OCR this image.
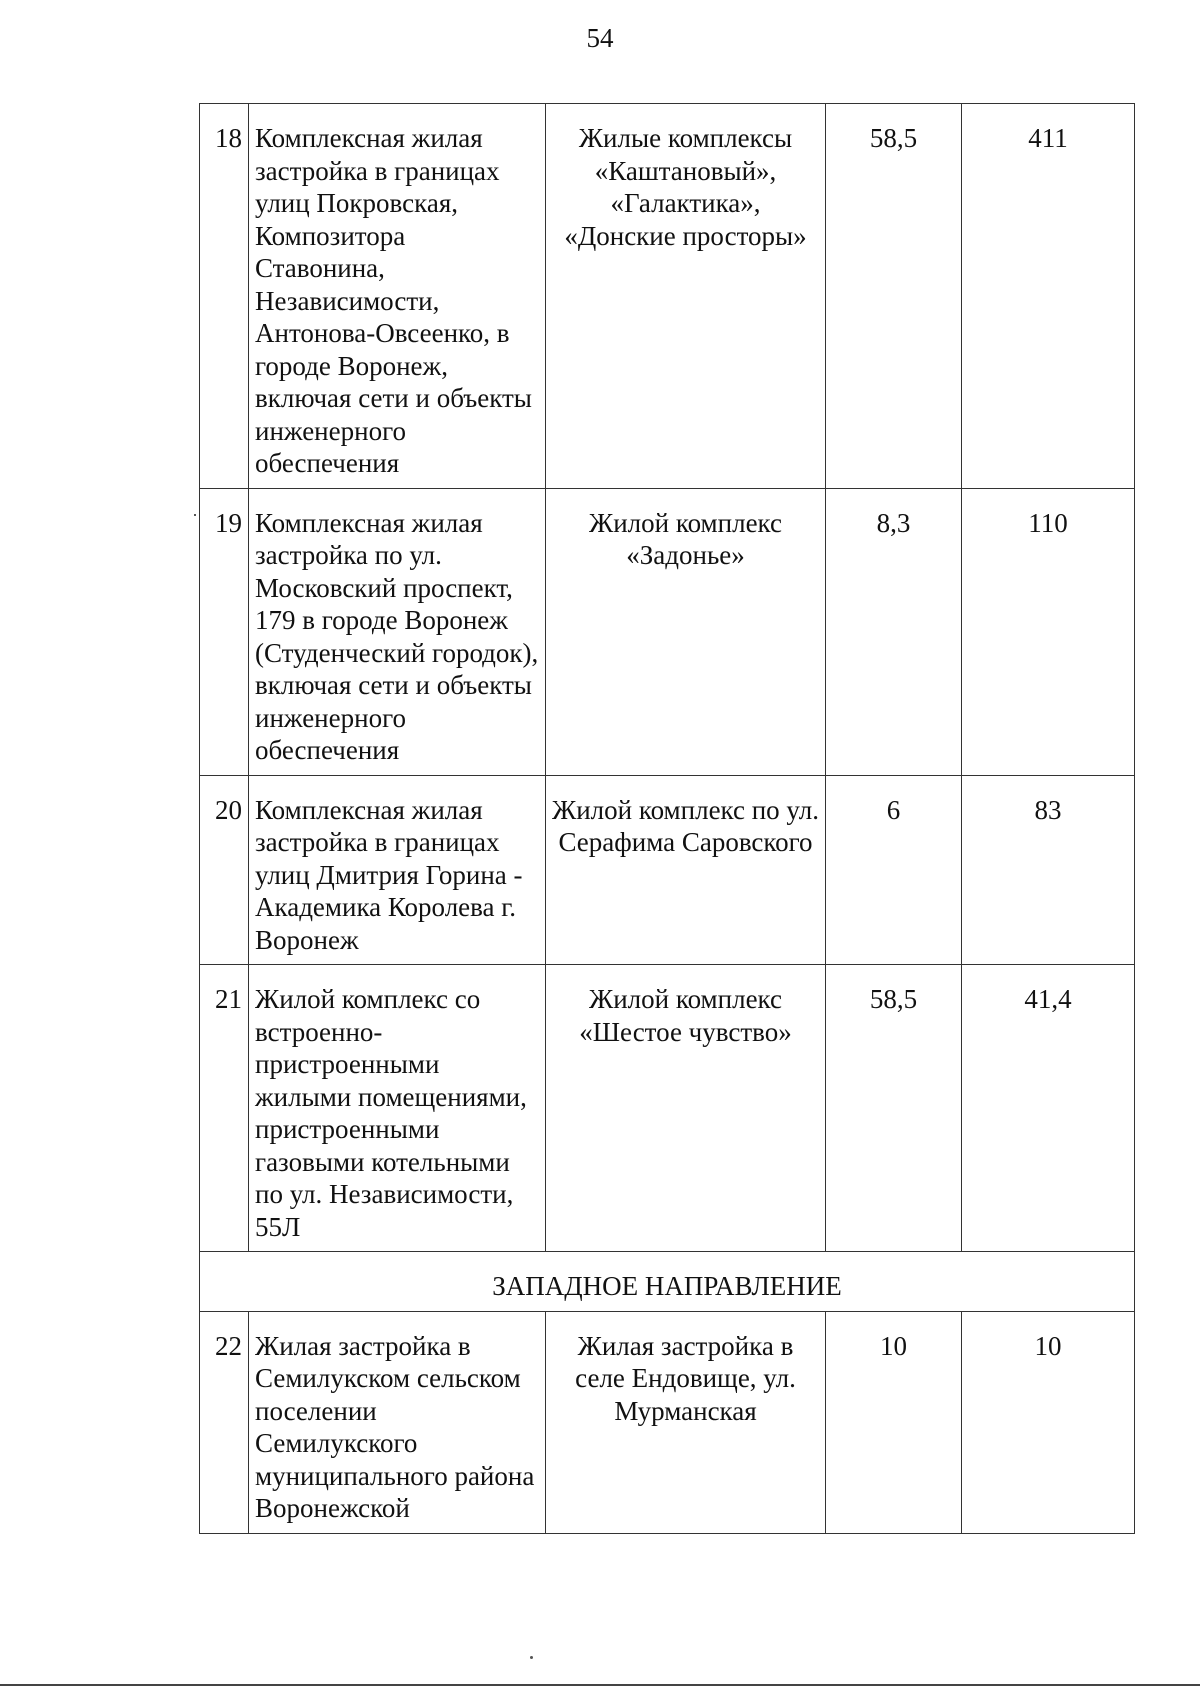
54
18	Комплексная жилая застройка в границах улиц Покровская, Композитора Ставонина, Независимости, Антонова-Овсеенко, в городе Воронеж, включая сети и объекты инженерного обеспечения	Жилые комплексы «Каштановый», «Галактика», «Донские просторы»	58,5	411
19	Комплексная жилая застройка по ул. Московский проспект, 179 в городе Воронеж (Студенческий городок), включая сети и объекты инженерного обеспечения	Жилой комплекс «Задонье»	8,3	110
20	Комплексная жилая застройка в границах улиц Дмитрия Горина - Академика Королева г. Воронеж	Жилой комплекс по ул. Серафима Саровского	6	83
21	Жилой комплекс со встроенно-пристроенными жилыми помещениями, пристроенными газовыми котельными по ул. Независимости, 55Л	Жилой комплекс «Шестое чувство»	58,5	41,4
ЗАПАДНОЕ НАПРАВЛЕНИЕ				
22	Жилая застройка в Семилукском сельском поселении Семилукского муниципального района Воронежской	Жилая застройка в селе Ендовище, ул. Мурманская	10	10
